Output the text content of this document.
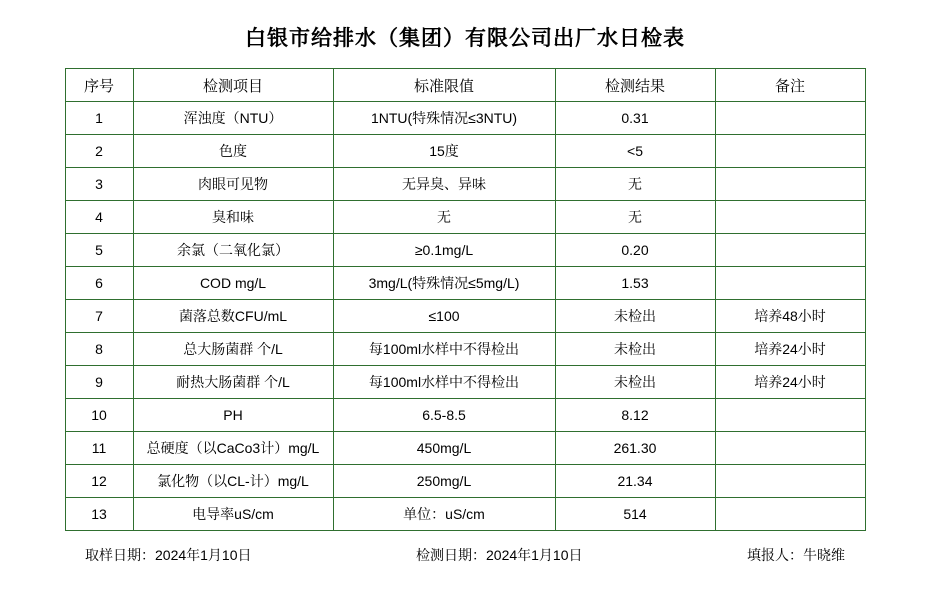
白银市给排水（集团）有限公司出厂水日检表
序号	检测项目	标准限值	检测结果	备注
1	浑浊度（NTU）	1NTU(特殊情况≤3NTU)	0.31	
2	色度	15度	<5	
3	肉眼可见物	无异臭、异味	无	
4	臭和味	无	无	
5	余氯（二氧化氯）	≥0.1mg/L	0.20	
6	COD mg/L	3mg/L(特殊情况≤5mg/L)	1.53	
7	菌落总数CFU/mL	≤100	未检出	培养48小时
8	总大肠菌群 个/L	每100ml水样中不得检出	未检出	培养24小时
9	耐热大肠菌群 个/L	每100ml水样中不得检出	未检出	培养24小时
10	PH	6.5-8.5	8.12	
11	总硬度（以CaCo3计）mg/L	450mg/L	261.30	
12	氯化物（以CL-计）mg/L	250mg/L	21.34	
13	电导率uS/cm	单位：uS/cm	514	
取样日期：2024年1月10日	检测日期：2024年1月10日	填报人：牛晓维
